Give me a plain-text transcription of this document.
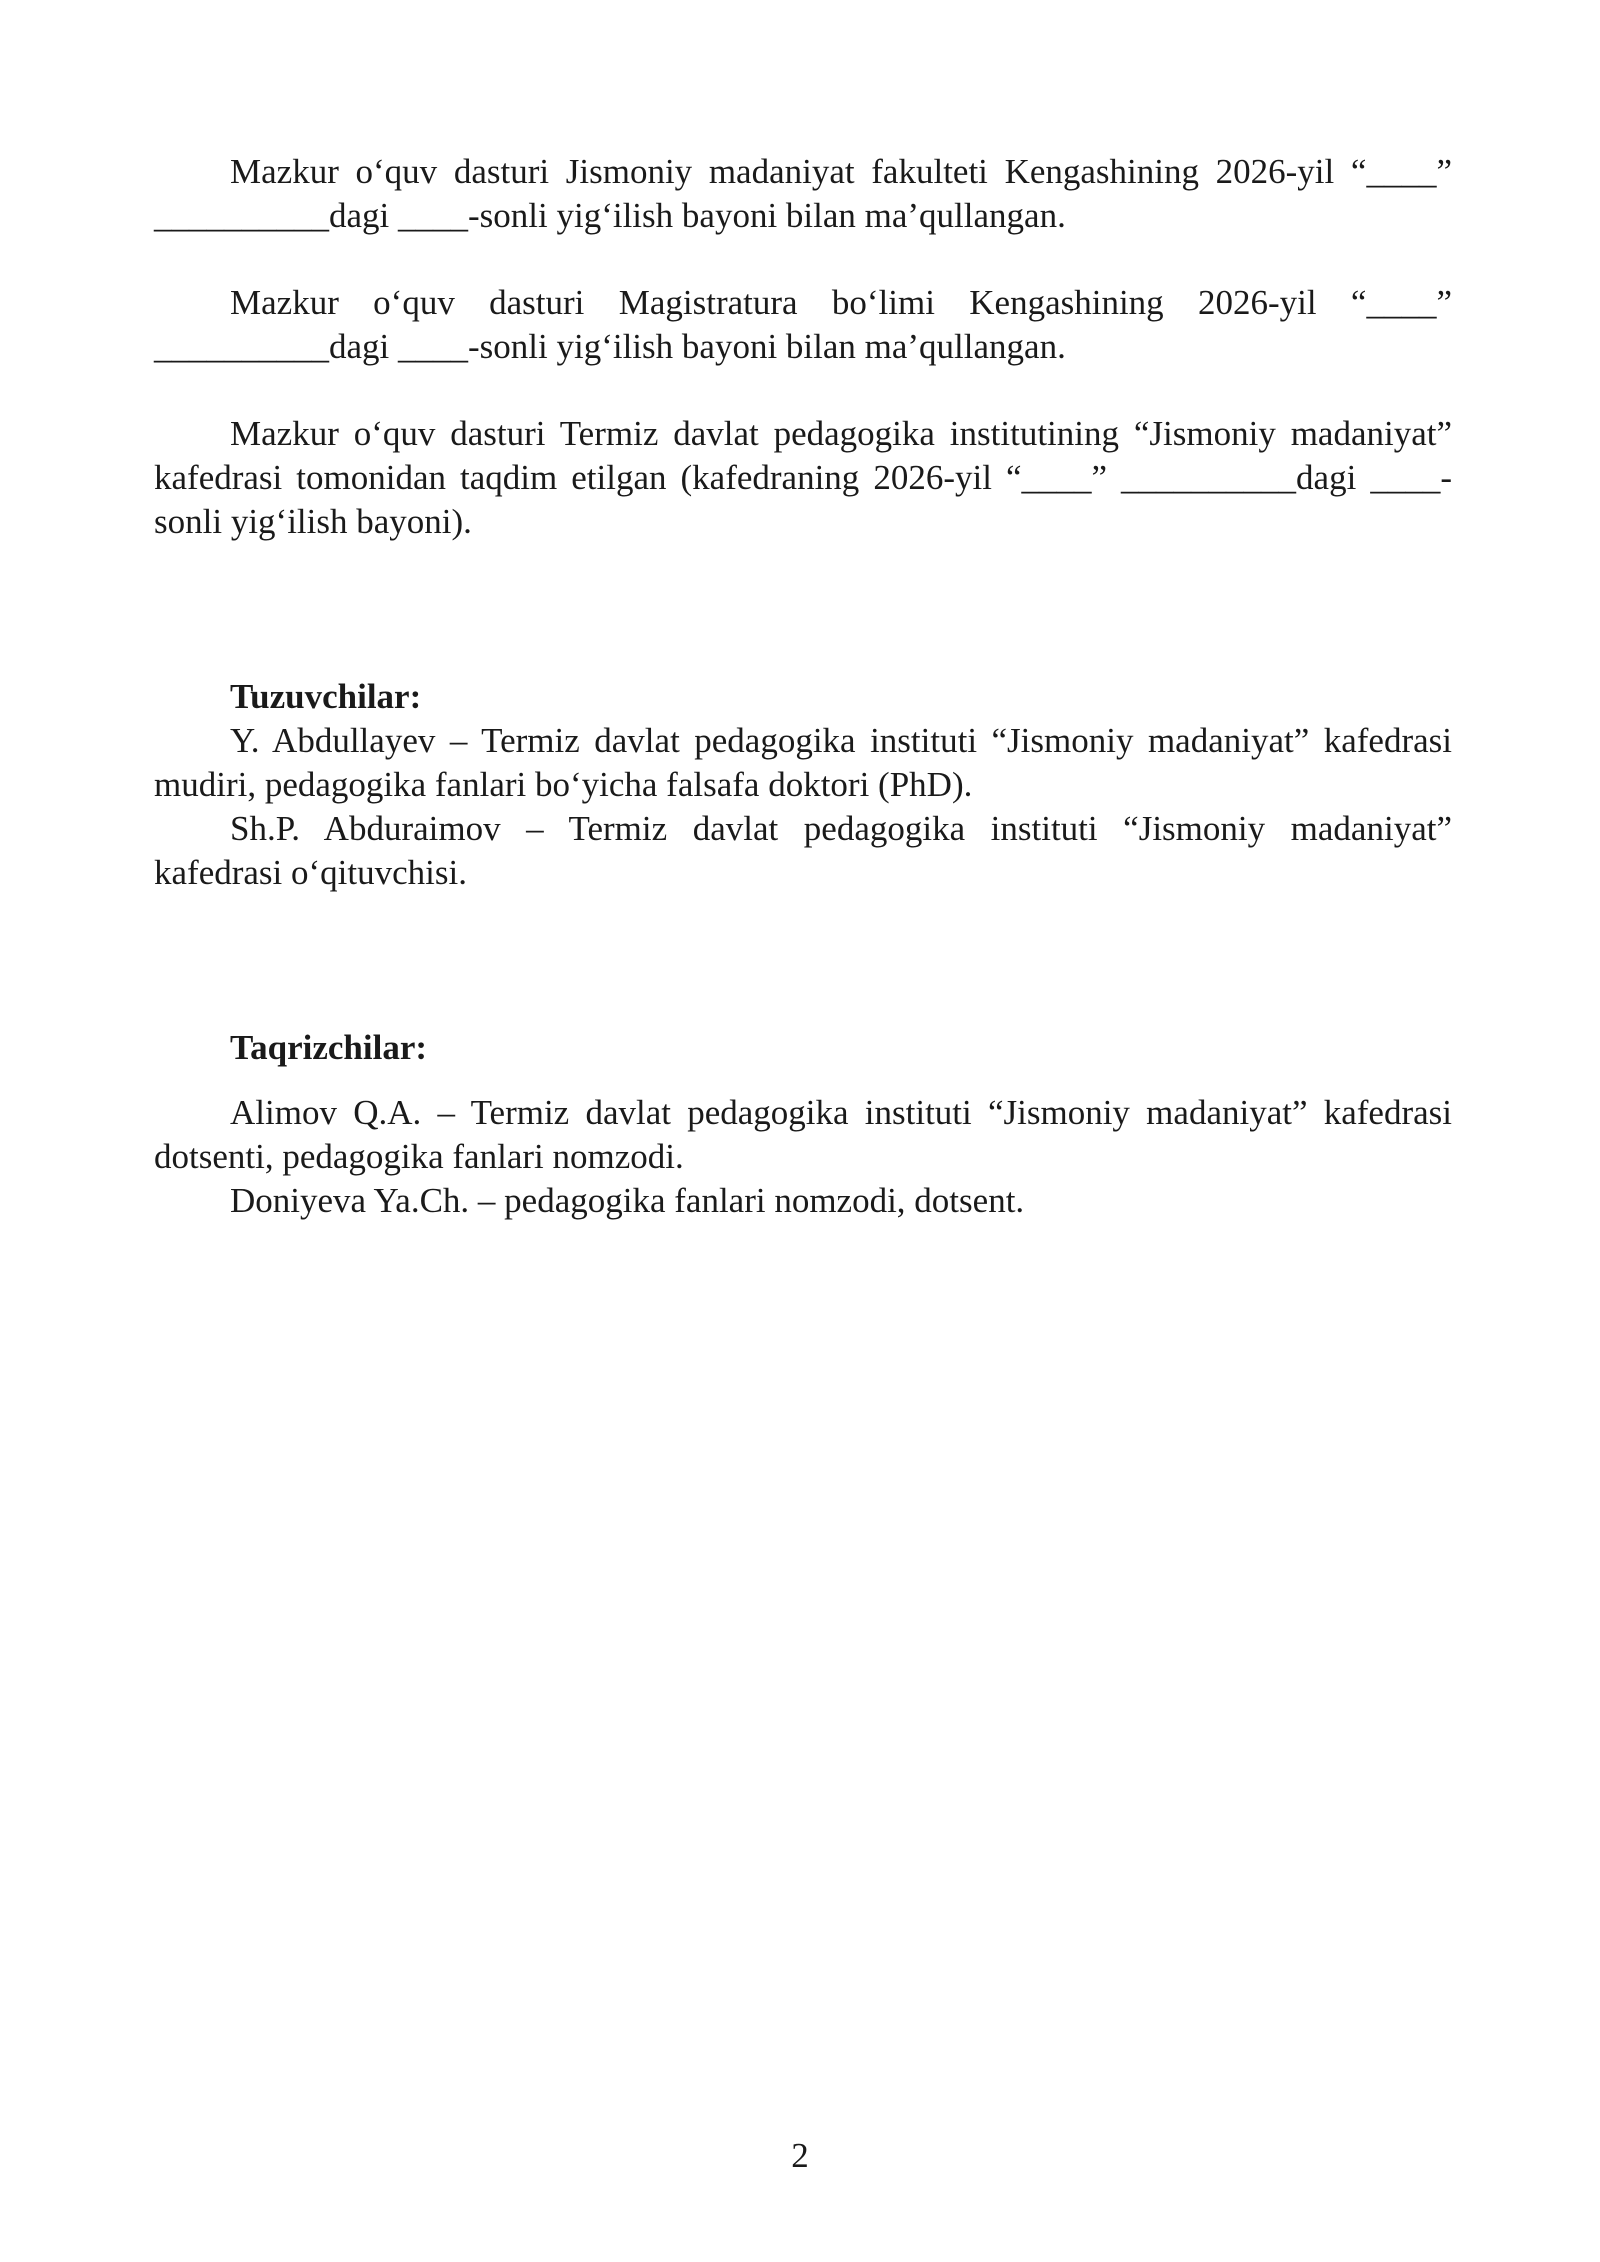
Mazkur o‘quv dasturi Jismoniy madaniyat fakulteti Kengashining 2026-yil “____” __________dagi ____-sonli yig‘ilish bayoni bilan ma’qullangan.

Mazkur o‘quv dasturi Magistratura bo‘limi Kengashining 2026-yil “____” __________dagi ____-sonli yig‘ilish bayoni bilan ma’qullangan.

Mazkur o‘quv dasturi Termiz davlat pedagogika institutining “Jismoniy madaniyat” kafedrasi tomonidan taqdim etilgan (kafedraning 2026-yil “____” __________dagi ____-sonli yig‘ilish bayoni).

Tuzuvchilar:

Y. Abdullayev – Termiz davlat pedagogika instituti “Jismoniy madaniyat” kafedrasi mudiri, pedagogika fanlari bo‘yicha falsafa doktori (PhD).

Sh.P. Abduraimov – Termiz davlat pedagogika instituti “Jismoniy madaniyat” kafedrasi o‘qituvchisi.

Taqrizchilar:

Alimov Q.A. – Termiz davlat pedagogika instituti “Jismoniy madaniyat” kafedrasi dotsenti, pedagogika fanlari nomzodi.

Doniyeva Ya.Ch. – pedagogika fanlari nomzodi, dotsent.

2
